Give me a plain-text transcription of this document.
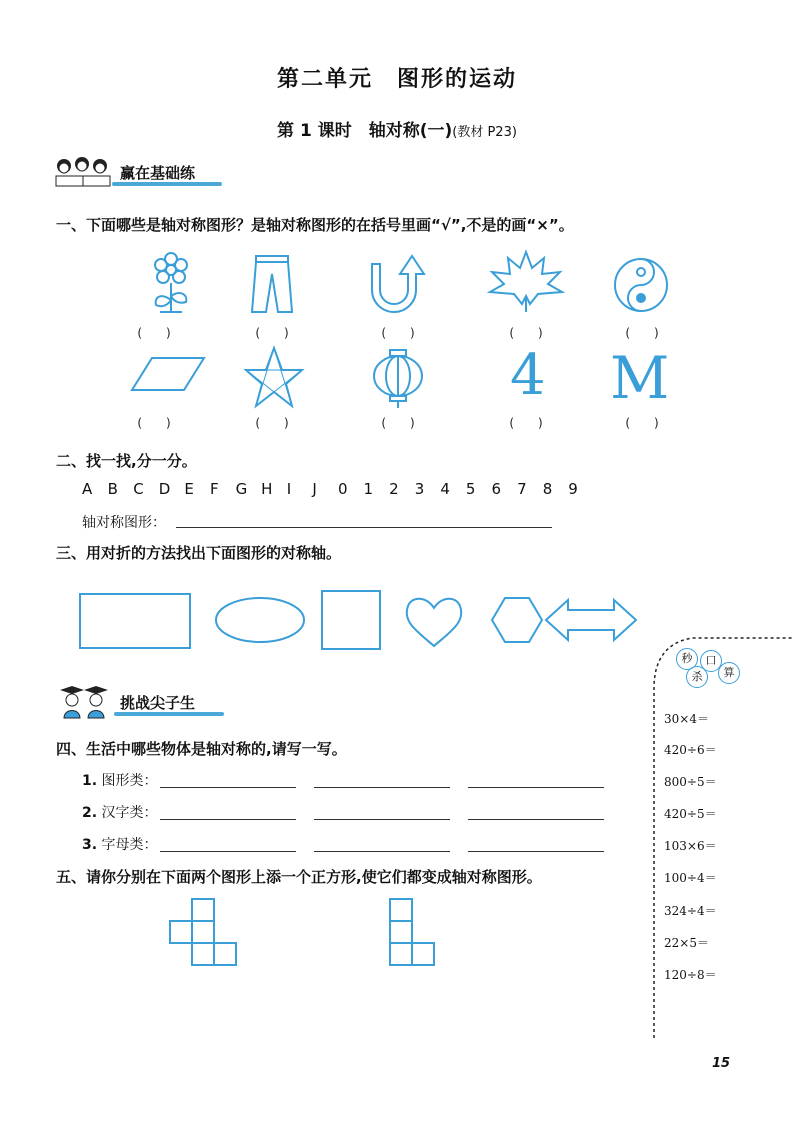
第二单元　图形的运动
第 1 课时　轴对称(一)(教材 P23)
赢在基础练
一、下面哪些是轴对称图形？是轴对称图形的在括号里画“√”,不是的画“×”。
(　　)	(　　)	(　　)	(　　)	(　　)
4 M
(　　)	(　　)	(　　)	(　　)	(　　)
二、找一找,分一分。
A B C D E F G H I J 0 1 2 3 4 5 6 7 8 9
轴对称图形：
三、用对折的方法找出下面图形的对称轴。
挑战尖子生
四、生活中哪些物体是轴对称的,请写一写。
1. 图形类：
2. 汉字类：
3. 字母类：
五、请你分别在下面两个图形上添一个正方形,使它们都变成轴对称图形。
秒
杀
口
算
30×4＝
420÷6＝
800÷5＝
420÷5＝
103×6＝
100÷4＝
324÷4＝
22×5＝
120÷8＝
15
